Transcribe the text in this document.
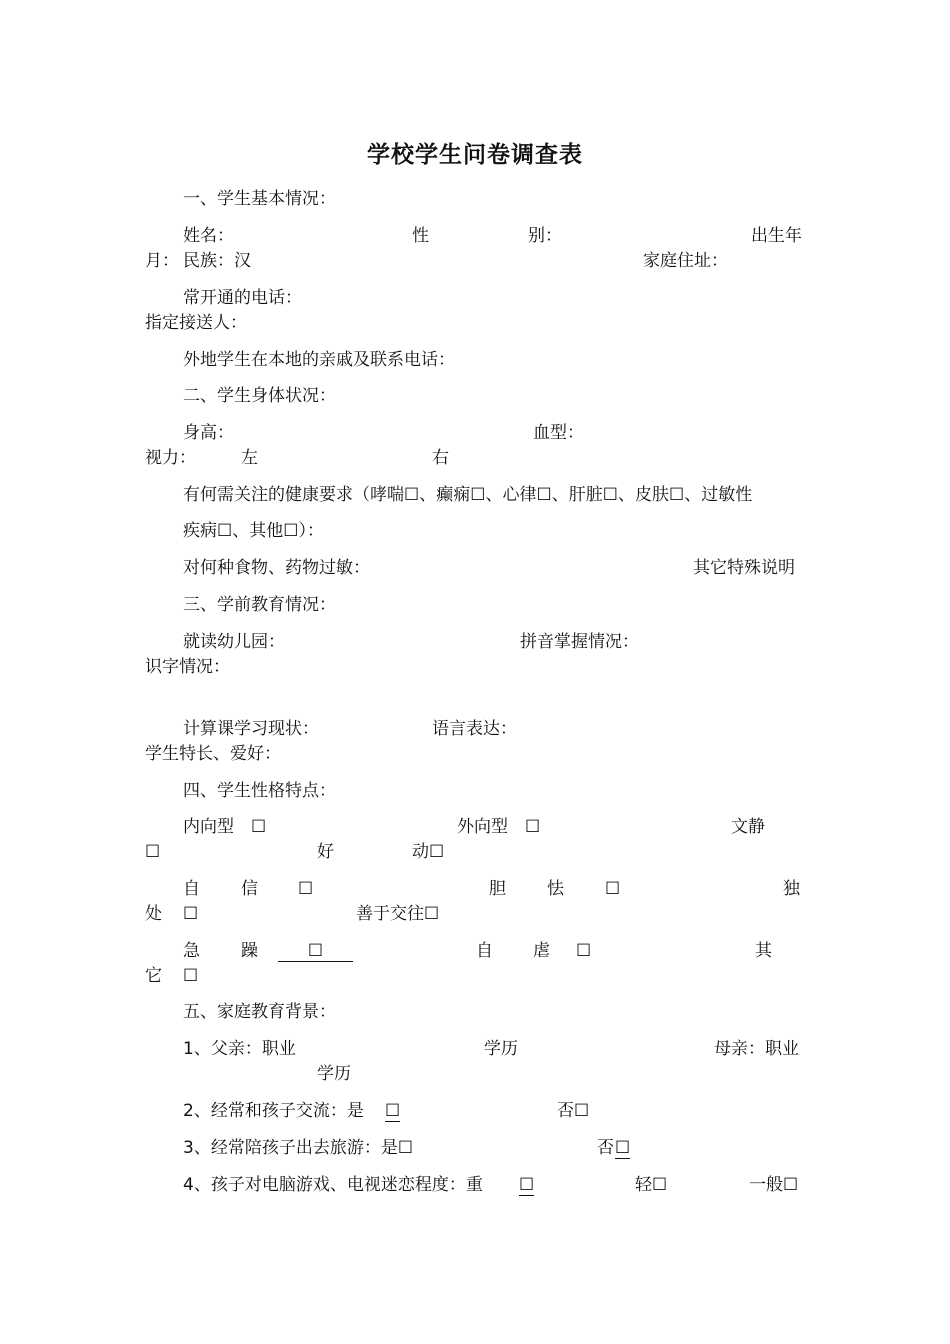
学校学生问卷调查表
一、学生基本情况：
姓名：	性	别：	出生年
月： 民族：汉	家庭住址：
常开通的电话：
指定接送人：
外地学生在本地的亲戚及联系电话：
二、学生身体状况：
身高：	血型：
视力：	左	右
有何需关注的健康要求（哮喘☐、癫痫☐、心律☐、肝脏☐、皮肤☐、过敏性
疾病☐、其他☐）：
对何种食物、药物过敏：	其它特殊说明
三、学前教育情况：
就读幼儿园：	拼音掌握情况：
识字情况：
计算课学习现状：	语言表达：
学生特长、爱好：
四、学生性格特点：
内向型　☐	外向型　☐	文静
☐	好	动☐
自 信 ☐	胆 怯 ☐	独
处 ☐	善于交往☐
急 躁	☐	自 虐 ☐	其
它 ☐
五、家庭教育背景：
1、父亲：职业	学历	母亲：职业
学历
2、经常和孩子交流：是 ☐	否☐
3、经常陪孩子出去旅游：是☐	否 ☐
4、孩子对电脑游戏、电视迷恋程度：重 ☐	轻☐	一般☐
